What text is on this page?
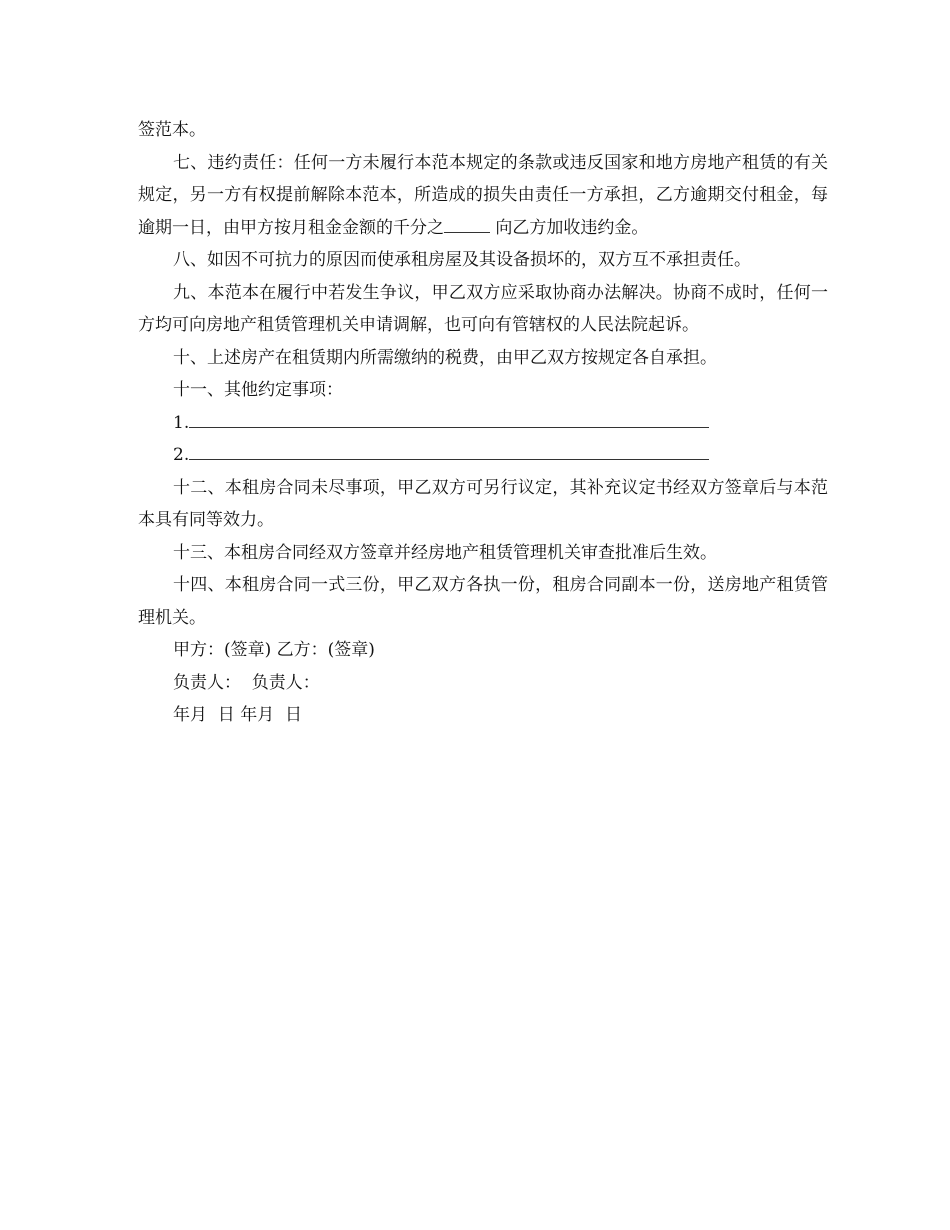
签范本。

七、违约责任：任何一方未履行本范本规定的条款或违反国家和地方房地产租赁的有关规定，另一方有权提前解除本范本，所造成的损失由责任一方承担，乙方逾期交付租金，每逾期一日，由甲方按月租金金额的千分之	向乙方加收违约金。

八、如因不可抗力的原因而使承租房屋及其设备损坏的，双方互不承担责任。

九、本范本在履行中若发生争议，甲乙双方应采取协商办法解决。协商不成时，任何一方均可向房地产租赁管理机关申请调解，也可向有管辖权的人民法院起诉。

十、上述房产在租赁期内所需缴纳的税费，由甲乙双方按规定各自承担。

十一、其他约定事项：

1.

2.

十二、本租房合同未尽事项，甲乙双方可另行议定，其补充议定书经双方签章后与本范本具有同等效力。

十三、本租房合同经双方签章并经房地产租赁管理机关审查批准后生效。

十四、本租房合同一式三份，甲乙双方各执一份，租房合同副本一份，送房地产租赁管理机关。

甲方：(签章) 乙方：(签章)

负责人：  负责人：

年月  日 年月  日
